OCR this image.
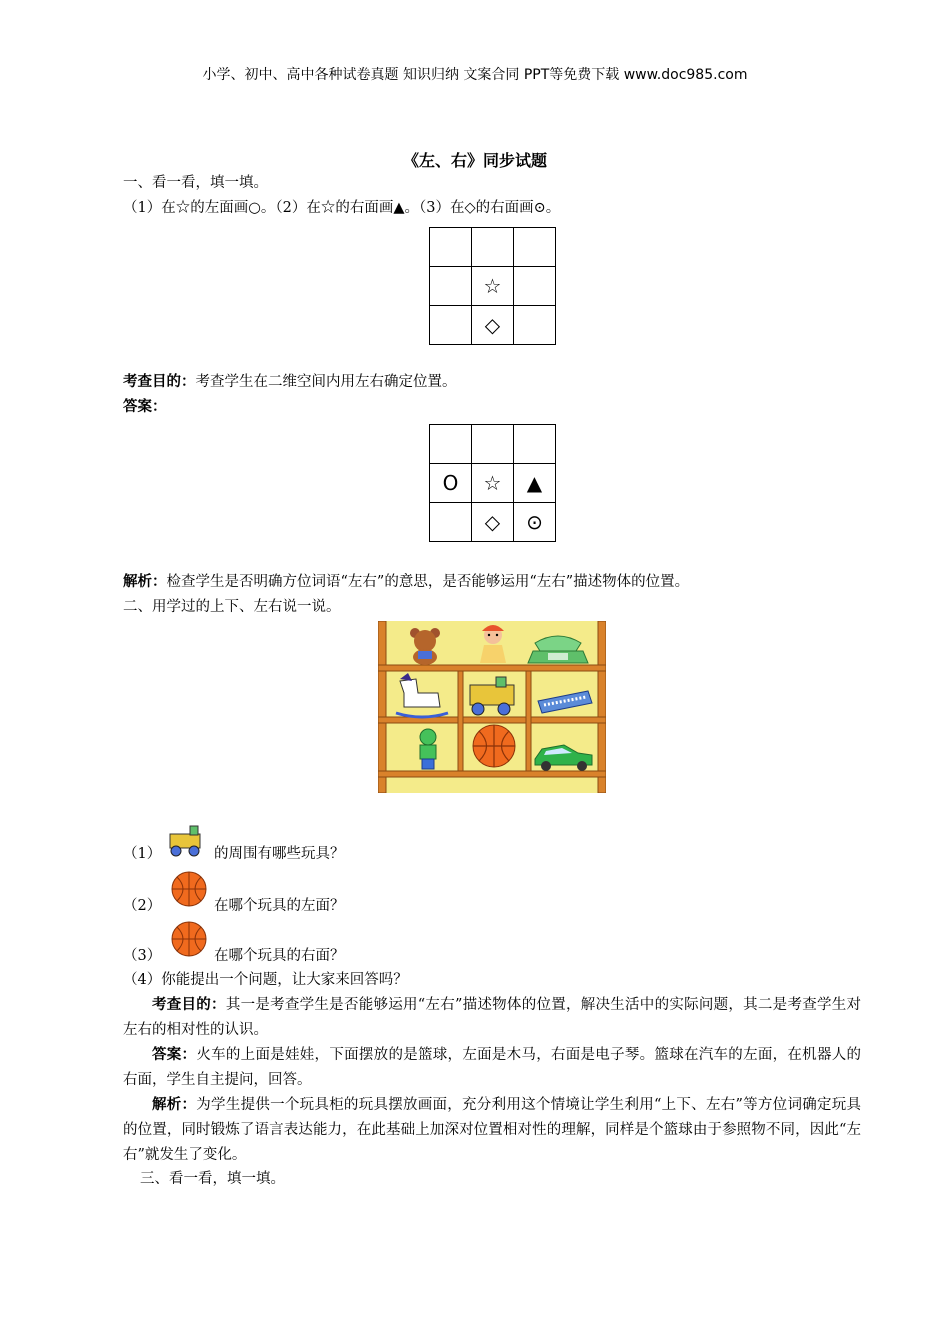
小学、初中、高中各种试卷真题 知识归纳 文案合同 PPT等免费下载 www.doc985.com
《左、右》同步试题
一、看一看，填一填。
（1）在☆的左面画○。（2）在☆的右面画▲。（3）在◇的右面画⊙。

	☆	
	◇	
考查目的：考查学生在二维空间内用左右确定位置。
答案：

O	☆	▲
	◇	⊙
解析：检查学生是否明确方位词语“左右”的意思，是否能够运用“左右”描述物体的位置。
二、用学过的上下、左右说一说。
（1）	的周围有哪些玩具？
（2）	在哪个玩具的左面？
（3）	在哪个玩具的右面？
（4）你能提出一个问题，让大家来回答吗？
考查目的：其一是考查学生是否能够运用“左右”描述物体的位置，解决生活中的实际问题，其二是考查学生对左右的相对性的认识。
答案：火车的上面是娃娃，下面摆放的是篮球，左面是木马，右面是电子琴。篮球在汽车的左面，在机器人的右面，学生自主提问，回答。
解析：为学生提供一个玩具柜的玩具摆放画面，充分利用这个情境让学生利用“上下、左右”等方位词确定玩具的位置，同时锻炼了语言表达能力，在此基础上加深对位置相对性的理解，同样是个篮球由于参照物不同，因此“左右”就发生了变化。
三、看一看，填一填。
